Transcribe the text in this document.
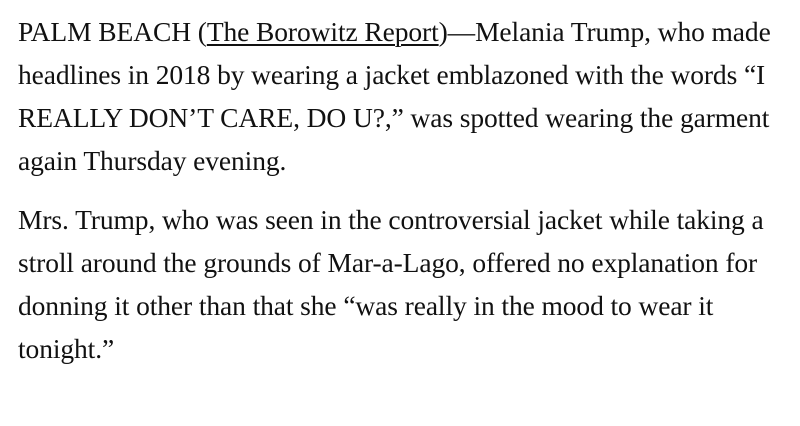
PALM BEACH (The Borowitz Report)—Melania Trump, who made headlines in 2018 by wearing a jacket emblazoned with the words “I REALLY DON’T CARE, DO U?,” was spotted wearing the garment again Thursday evening.

Mrs. Trump, who was seen in the controversial jacket while taking a stroll around the grounds of Mar-a-Lago, offered no explanation for donning it other than that she “was really in the mood to wear it tonight.”
